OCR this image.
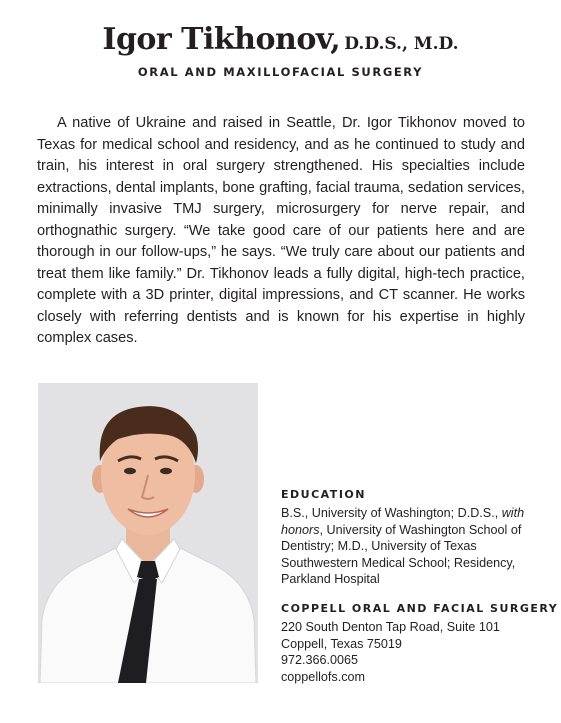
Igor Tikhonov, D.D.S., M.D.
ORAL AND MAXILLOFACIAL SURGERY

A native of Ukraine and raised in Seattle, Dr. Igor Tikhonov moved to Texas for medical school and residency, and as he continued to study and train, his interest in oral surgery strengthened. His specialties include extractions, dental implants, bone grafting, facial trauma, sedation services, minimally invasive TMJ surgery, microsurgery for nerve repair, and orthognathic surgery. “We take good care of our patients here and are thorough in our follow-ups,” he says. “We truly care about our patients and treat them like family.” Dr. Tikhonov leads a fully digital, high-tech practice, complete with a 3D printer, digital impressions, and CT scanner. He works closely with referring dentists and is known for his expertise in highly complex cases.

EDUCATION

B.S., University of Washington; D.D.S., with honors, University of Washington School of Dentistry; M.D., University of Texas Southwestern Medical School; Residency, Parkland Hospital

COPPELL ORAL AND FACIAL SURGERY

220 South Denton Tap Road, Suite 101
Coppell, Texas 75019
972.366.0065
coppellofs.com
